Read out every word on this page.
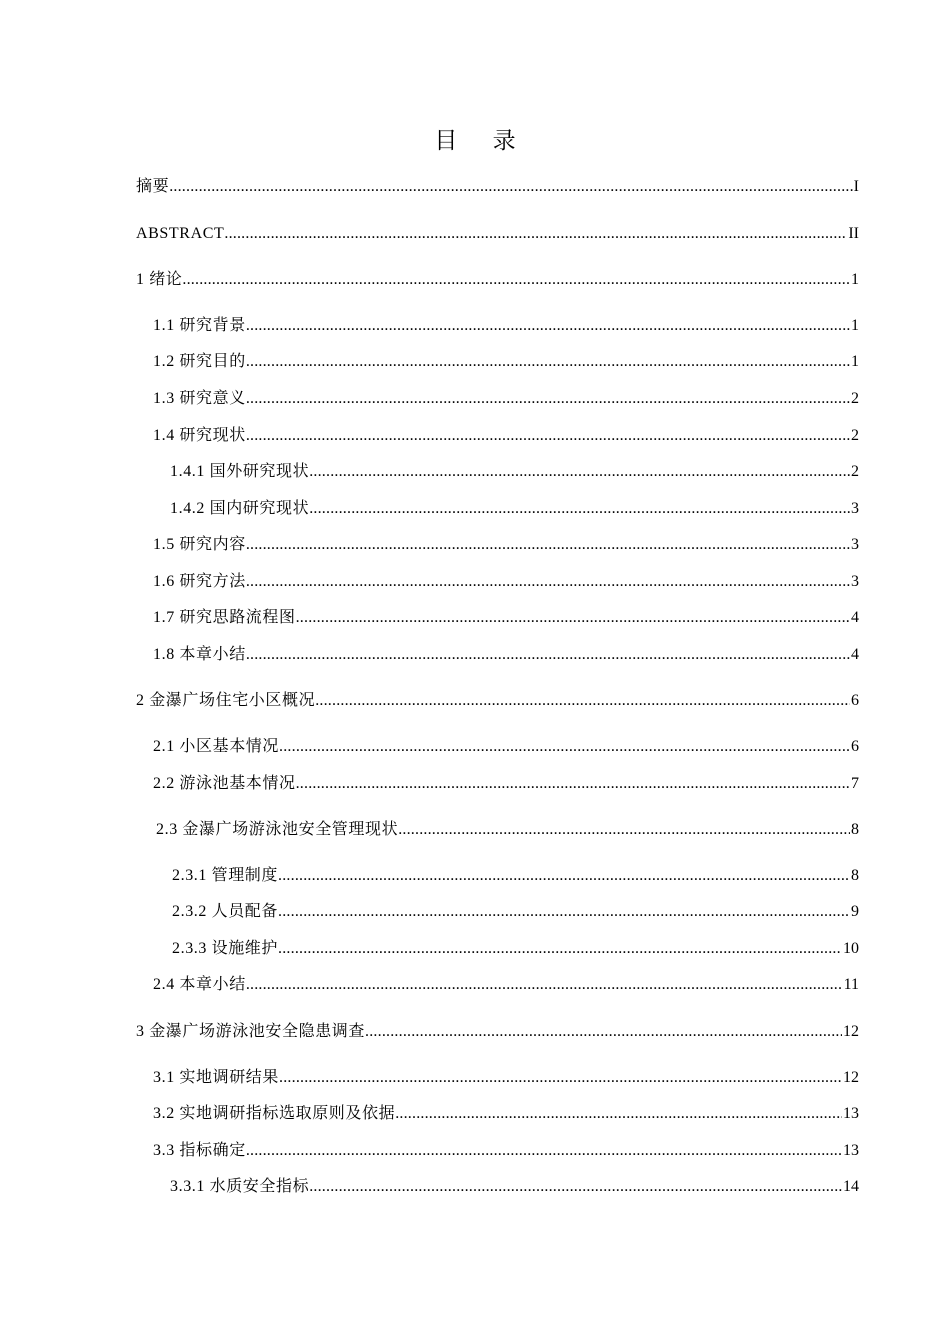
目 录
摘要 .....	I
ABSTRACT .....	II
1 绪论 .....	1
1.1 研究背景 .....	1
1.2 研究目的 .....	1
1.3 研究意义 .....	2
1.4 研究现状 .....	2
1.4.1 国外研究现状 .....	2
1.4.2 国内研究现状 .....	3
1.5 研究内容 .....	3
1.6 研究方法 .....	3
1.7 研究思路流程图 .....	4
1.8 本章小结 .....	4
2 金瀑广场住宅小区概况 .....	6
2.1 小区基本情况 .....	6
2.2 游泳池基本情况 .....	7
2.3 金瀑广场游泳池安全管理现状 .....	8
2.3.1 管理制度 .....	8
2.3.2 人员配备 .....	9
2.3.3 设施维护 .....	10
2.4 本章小结 .....	11
3 金瀑广场游泳池安全隐患调查 .....	12
3.1 实地调研结果 .....	12
3.2 实地调研指标选取原则及依据 .....	13
3.3 指标确定 .....	13
3.3.1 水质安全指标 .....	14
